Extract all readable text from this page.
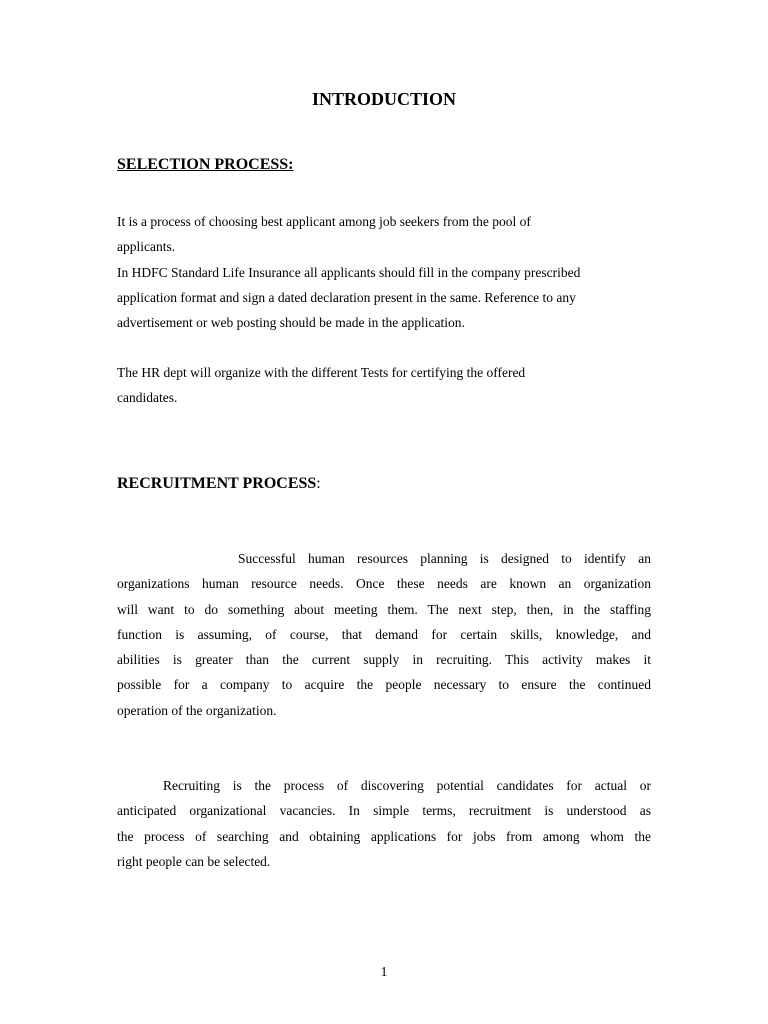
INTRODUCTION
SELECTION PROCESS:
It is a process of choosing best applicant among job seekers from the pool of
applicants.
In HDFC Standard Life Insurance all applicants should fill in the company prescribed
application format and sign a dated declaration present in the same. Reference to any
advertisement or web posting should be made in the application.
The HR dept will organize with the different Tests for certifying the offered
candidates.
RECRUITMENT PROCESS:
Successful human resources planning is designed to identify an
organizations human resource needs. Once these needs are known an organization
will want to do something about meeting them. The next step, then, in the staffing
function is assuming, of course, that demand for certain skills, knowledge, and
abilities is greater than the current supply in recruiting. This activity makes it
possible for a company to acquire the people necessary to ensure the continued
operation of the organization.
Recruiting is the process of discovering potential candidates for actual or
anticipated organizational vacancies. In simple terms, recruitment is understood as
the process of searching and obtaining applications for jobs from among whom the
right people can be selected.
1
